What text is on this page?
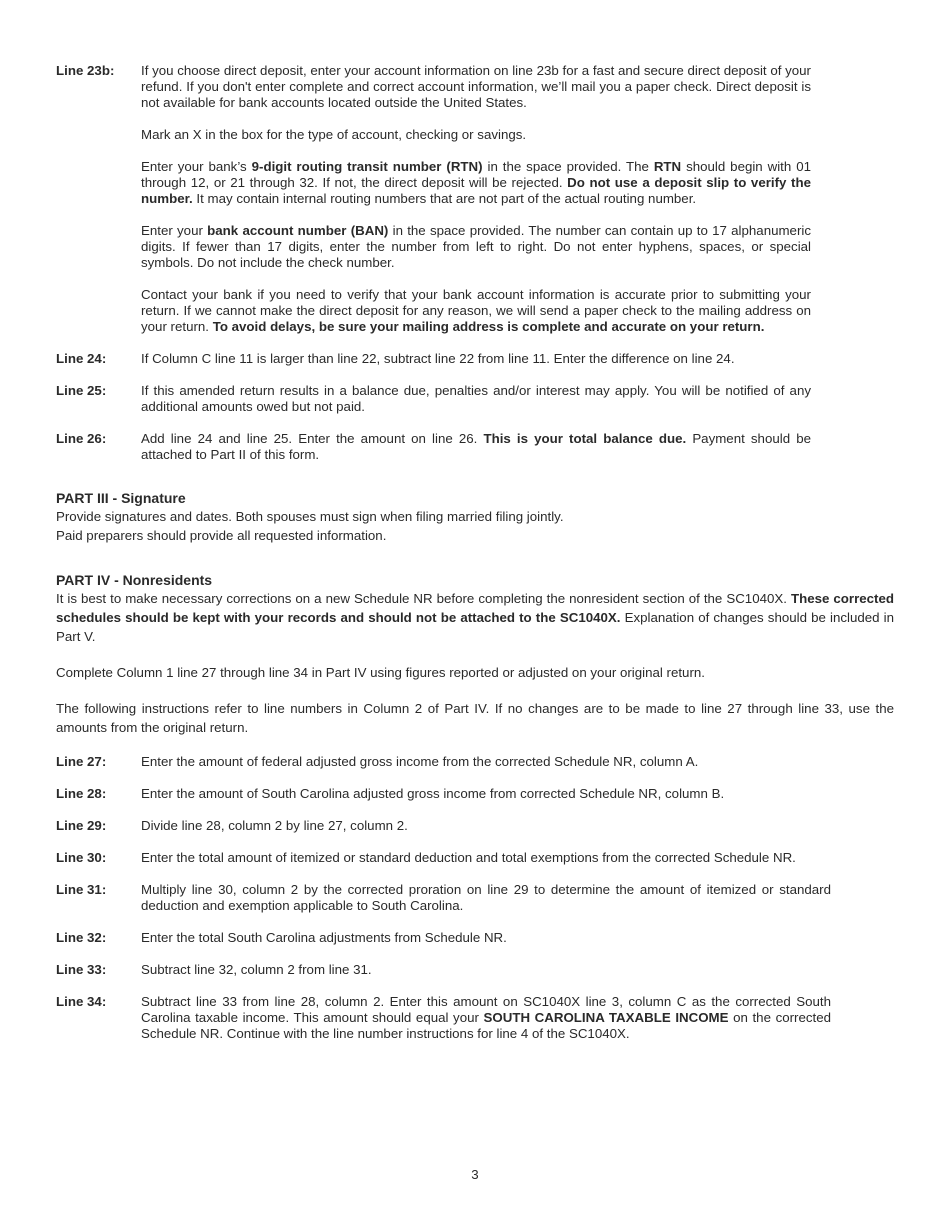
Line 23b:	If you choose direct deposit, enter your account information on line 23b for a fast and secure direct deposit of your refund. If you don't enter complete and correct account information, we’ll mail you a paper check. Direct deposit is not available for bank accounts located outside the United States.

Mark an X in the box for the type of account, checking or savings.

Enter your bank’s 9-digit routing transit number (RTN) in the space provided. The RTN should begin with 01 through 12, or 21 through 32. If not, the direct deposit will be rejected. Do not use a deposit slip to verify the number. It may contain internal routing numbers that are not part of the actual routing number.

Enter your bank account number (BAN) in the space provided. The number can contain up to 17 alphanumeric digits. If fewer than 17 digits, enter the number from left to right. Do not enter hyphens, spaces, or special symbols. Do not include the check number.

Contact your bank if you need to verify that your bank account information is accurate prior to submitting your return. If we cannot make the direct deposit for any reason, we will send a paper check to the mailing address on your return. To avoid delays, be sure your mailing address is complete and accurate on your return.

Line 24:	If Column C line 11 is larger than line 22, subtract line 22 from line 11. Enter the difference on line 24.

Line 25:	If this amended return results in a balance due, penalties and/or interest may apply. You will be notified of any additional amounts owed but not paid.

Line 26:	Add line 24 and line 25. Enter the amount on line 26. This is your total balance due. Payment should be attached to Part II of this form.

PART III - Signature

Provide signatures and dates. Both spouses must sign when filing married filing jointly.

Paid preparers should provide all requested information.

PART IV - Nonresidents

It is best to make necessary corrections on a new Schedule NR before completing the nonresident section of the SC1040X. These corrected schedules should be kept with your records and should not be attached to the SC1040X. Explanation of changes should be included in Part V.

Complete Column 1 line 27 through line 34 in Part IV using figures reported or adjusted on your original return.

The following instructions refer to line numbers in Column 2 of Part IV. If no changes are to be made to line 27 through line 33, use the amounts from the original return.

Line 27:	Enter the amount of federal adjusted gross income from the corrected Schedule NR, column A.

Line 28:	Enter the amount of South Carolina adjusted gross income from corrected Schedule NR, column B.

Line 29:	Divide line 28, column 2 by line 27, column 2.

Line 30:	Enter the total amount of itemized or standard deduction and total exemptions from the corrected Schedule NR.

Line 31:	Multiply line 30, column 2 by the corrected proration on line 29 to determine the amount of itemized or standard deduction and exemption applicable to South Carolina.

Line 32:	Enter the total South Carolina adjustments from Schedule NR.

Line 33:	Subtract line 32, column 2 from line 31.

Line 34:	Subtract line 33 from line 28, column 2. Enter this amount on SC1040X line 3, column C as the corrected South Carolina taxable income. This amount should equal your SOUTH CAROLINA TAXABLE INCOME on the corrected Schedule NR. Continue with the line number instructions for line 4 of the SC1040X.

3
